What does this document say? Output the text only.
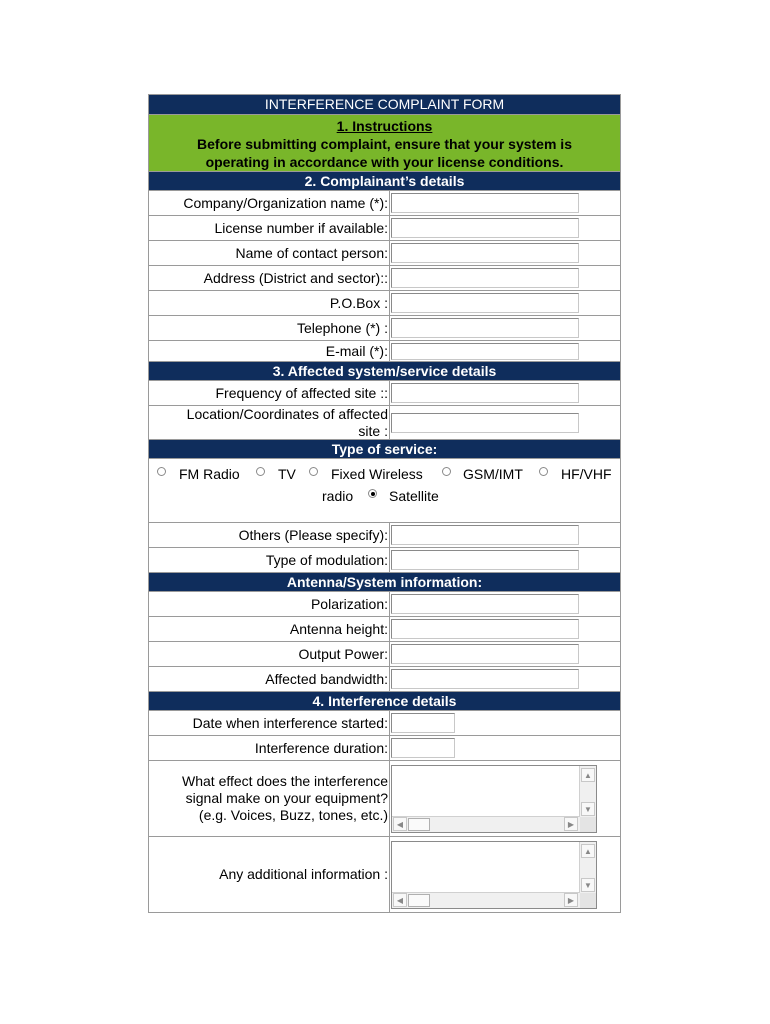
INTERFERENCE COMPLAINT FORM
1. Instructions
Before submitting complaint, ensure that your system is
operating in accordance with your license conditions.
2. Complainant’s details
Company/Organization name (*):
License number if available:
Name of contact person:
Address (District and sector)::
P.O.Box :
Telephone (*) :
E-mail (*):
3. Affected system/service details
Frequency of affected site ::
Location/Coordinates of affected
site :
Type of service:
FM Radio	TV	Fixed Wireless	GSM/IMT	HF/VHF
radio	Satellite
Others (Please specify):
Type of modulation:
Antenna/System information:
Polarization:
Antenna height:
Output Power:
Affected bandwidth:
4. Interference details
Date when interference started:
Interference duration:
What effect does the interference
signal make on your equipment?
(e.g. Voices, Buzz, tones, etc.)
▲
▼
◀	▶
Any additional information :
▲
▼
◀	▶
